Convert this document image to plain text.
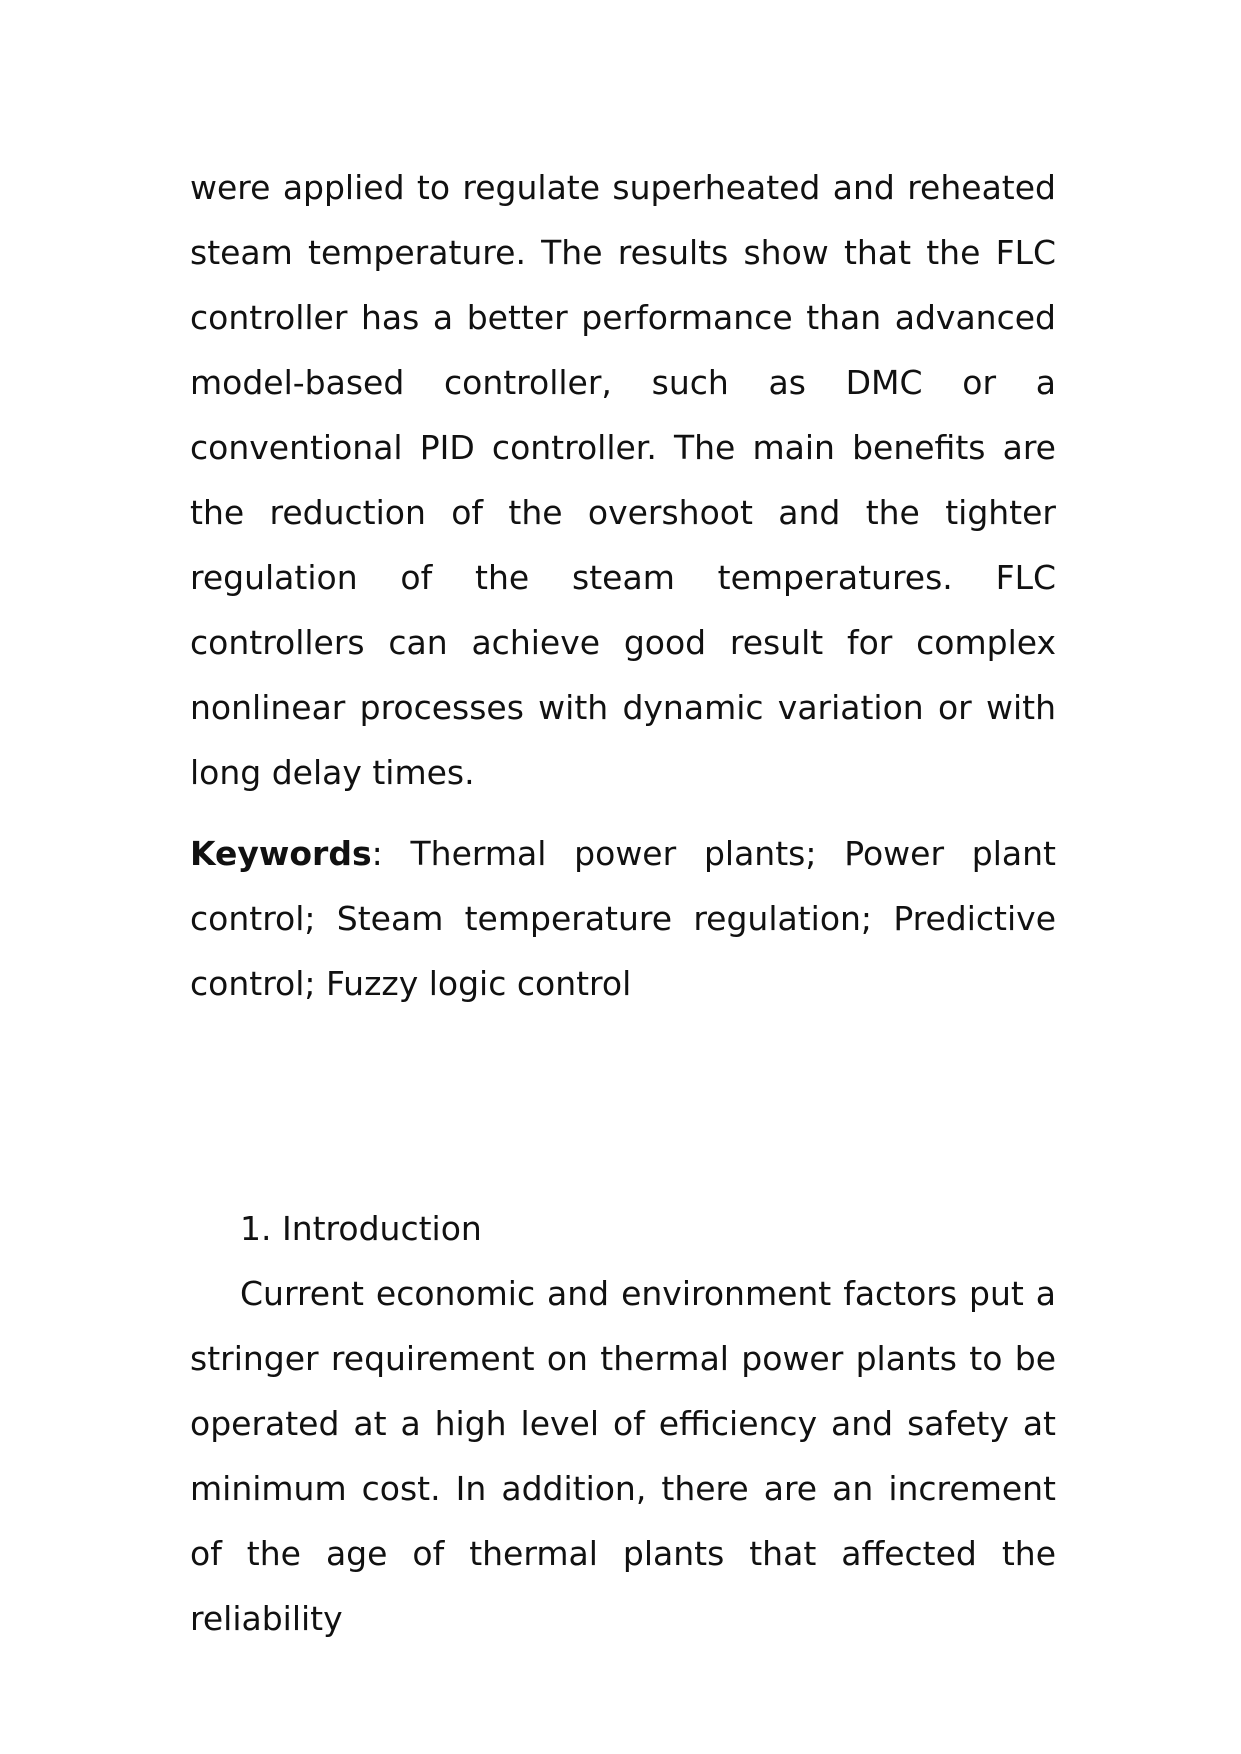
were applied to regulate superheated and reheated steam temperature. The results show that the FLC controller has a better performance than advanced model-based controller, such as DMC or a conventional PID controller. The main benefits are the reduction of the overshoot and the tighter regulation of the steam temperatures. FLC controllers can achieve good result for complex nonlinear processes with dynamic variation or with long delay times.

Keywords: Thermal power plants; Power plant control; Steam temperature regulation; Predictive control; Fuzzy logic control

1. Introduction

Current economic and environment factors put a stringer requirement on thermal power plants to be operated at a high level of efficiency and safety at minimum cost. In addition, there are an increment of the age of thermal plants that affected the reliability
